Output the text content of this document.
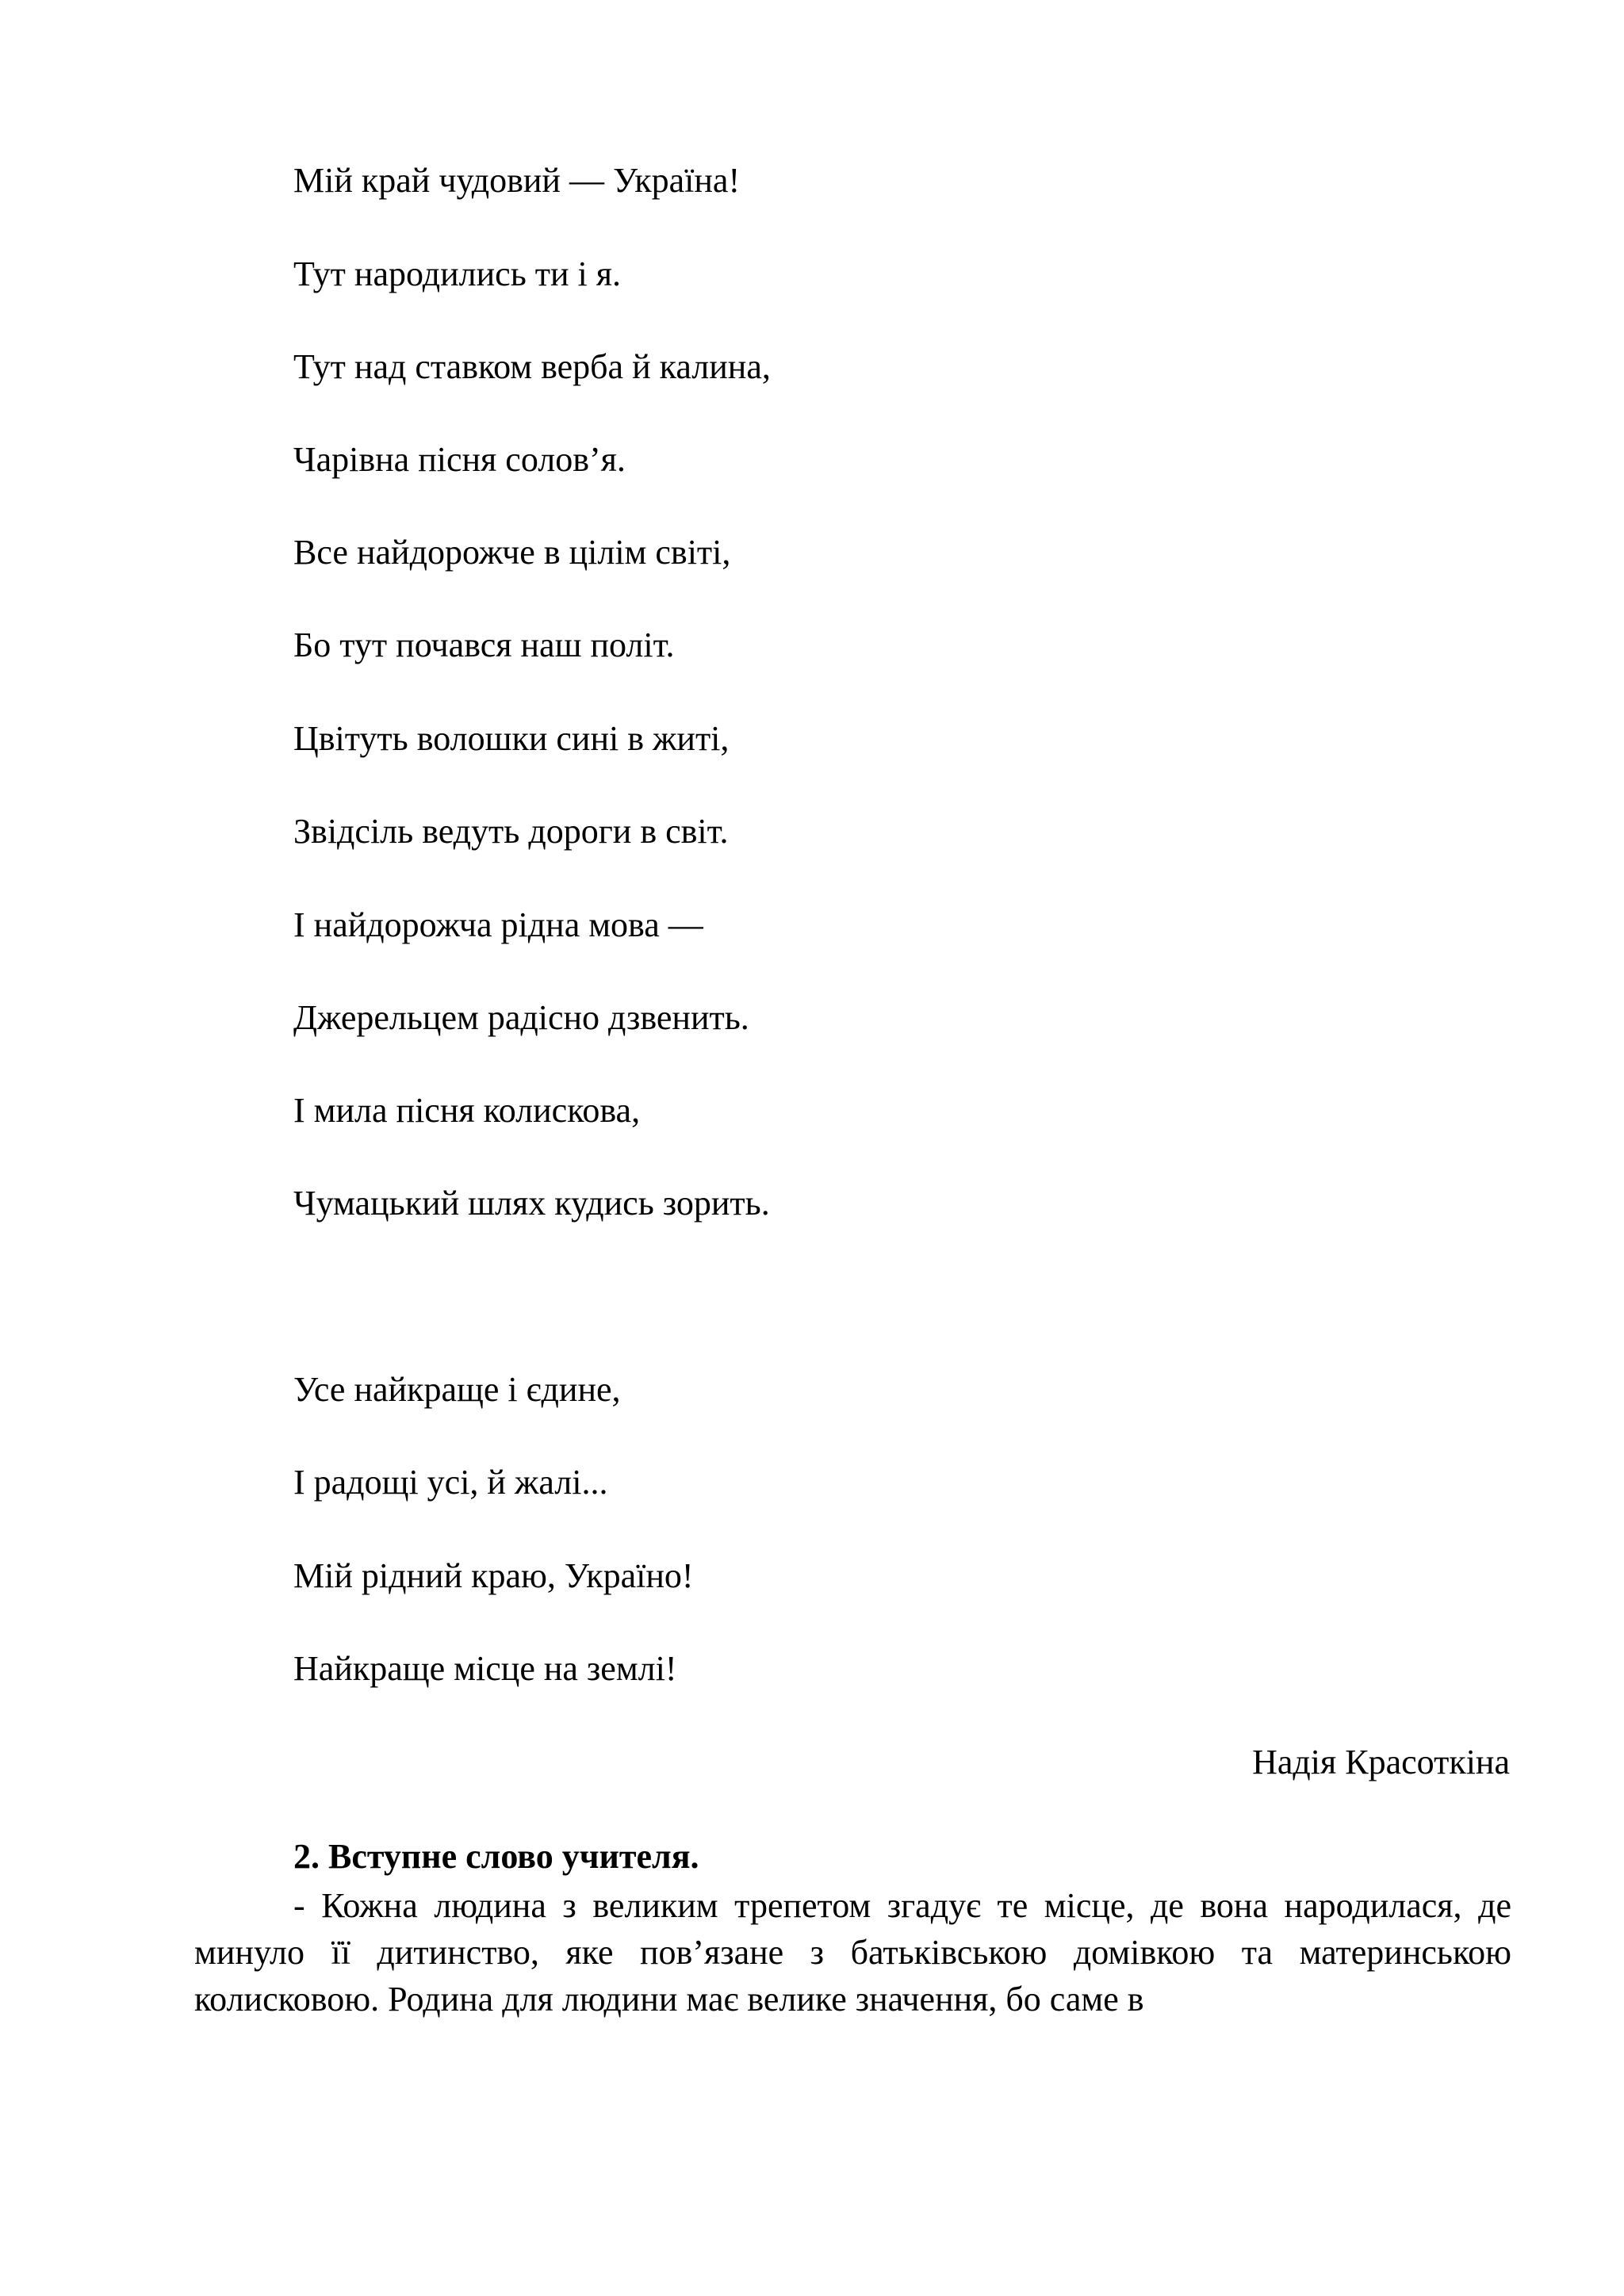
Мій край чудовий — Україна!
Тут народились ти і я.
Тут над ставком верба й калина,
Чарівна пісня солов’я.
Все найдорожче в цілім світі,
Бо тут почався наш політ.
Цвітуть волошки сині в житі,
Звідсіль ведуть дороги в світ.
І найдорожча рідна мова —
Джерельцем радісно дзвенить.
І мила пісня колискова,
Чумацький шлях кудись зорить.
Усе найкраще і єдине,
І радощі усі, й жалі...
Мій рідний краю, Україно!
Найкраще місце на землі!
Надія Красоткіна
2. Вступне слово учителя.

- Кожна людина з великим трепетом згадує те місце, де вона народилася, де минуло її дитинство, яке пов’язане з батьківською домівкою та материнською колисковою. Родина для людини має велике значення, бо саме в
